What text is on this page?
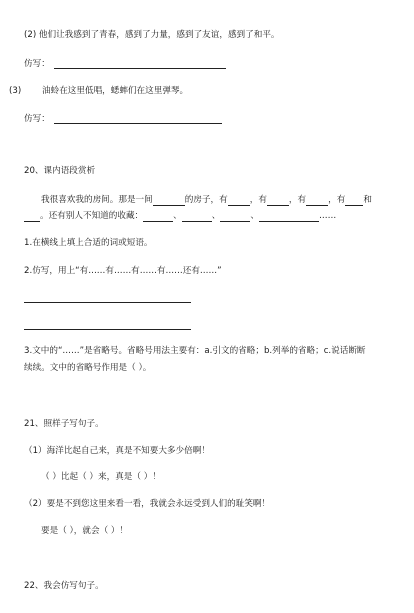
(2) 他们让我感到了青春，感到了力量，感到了友谊，感到了和平。
仿写：
(3) 油蛉在这里低唱，蟋蟀们在这里弹琴。
仿写：
20、课内语段赏析
我很喜欢我的房间。那是一间	的房子，有	，有	，有	，有 和
。还有别人不知道的收藏：	、	、	、	……
1.在横线上填上合适的词或短语。
2.仿写，用上“有……有……有……有……还有……”
3.文中的“……”是省略号。省略号用法主要有：a.引文的省略；b.列举的省略；c.说话断断
续续。文中的省略号作用是（ ）。
21、照样子写句子。
（1）海洋比起自己来，真是不知要大多少倍啊！
（ ）比起（ ）来，真是（ ）！
（2）要是不到您这里来看一看，我就会永远受到人们的耻笑啊！
要是（ ），就会（ ）！
22、我会仿写句子。
